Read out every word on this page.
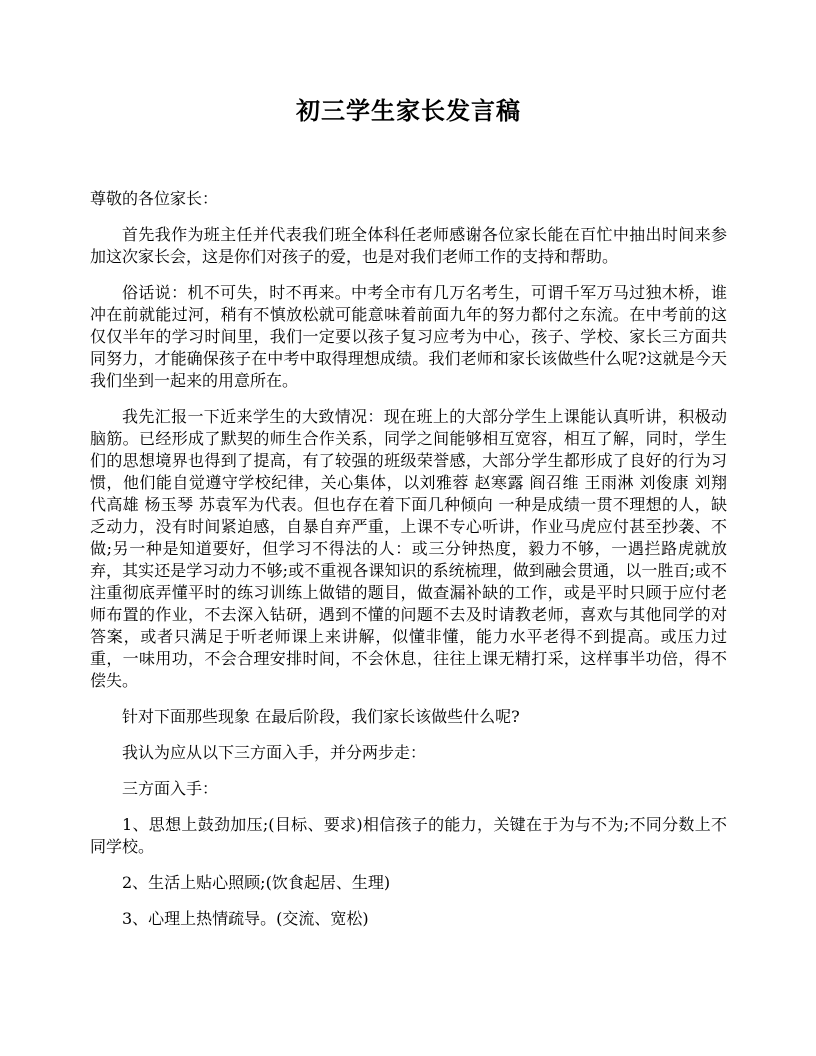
初三学生家长发言稿

尊敬的各位家长：

首先我作为班主任并代表我们班全体科任老师感谢各位家长能在百忙中抽出时间来参加这次家长会，这是你们对孩子的爱，也是对我们老师工作的支持和帮助。

俗话说：机不可失，时不再来。中考全市有几万名考生，可谓千军万马过独木桥，谁冲在前就能过河，稍有不慎放松就可能意味着前面九年的努力都付之东流。在中考前的这仅仅半年的学习时间里，我们一定要以孩子复习应考为中心，孩子、学校、家长三方面共同努力，才能确保孩子在中考中取得理想成绩。我们老师和家长该做些什么呢?这就是今天我们坐到一起来的用意所在。

我先汇报一下近来学生的大致情况：现在班上的大部分学生上课能认真听讲，积极动脑筋。已经形成了默契的师生合作关系，同学之间能够相互宽容，相互了解，同时，学生们的思想境界也得到了提高，有了较强的班级荣誉感，大部分学生都形成了良好的行为习惯，他们能自觉遵守学校纪律，关心集体，以刘雅蓉 赵寒露 阎召维 王雨淋 刘俊康 刘翔 代高雄 杨玉琴 苏袁军为代表。但也存在着下面几种倾向 一种是成绩一贯不理想的人，缺乏动力，没有时间紧迫感，自暴自弃严重，上课不专心听讲，作业马虎应付甚至抄袭、不做;另一种是知道要好，但学习不得法的人：或三分钟热度，毅力不够，一遇拦路虎就放弃，其实还是学习动力不够;或不重视各课知识的系统梳理，做到融会贯通，以一胜百;或不注重彻底弄懂平时的练习训练上做错的题目，做查漏补缺的工作，或是平时只顾于应付老师布置的作业，不去深入钻研，遇到不懂的问题不去及时请教老师，喜欢与其他同学的对答案，或者只满足于听老师课上来讲解，似懂非懂，能力水平老得不到提高。或压力过重，一味用功，不会合理安排时间，不会休息，往往上课无精打采，这样事半功倍，得不偿失。

针对下面那些现象 在最后阶段，我们家长该做些什么呢?

我认为应从以下三方面入手，并分两步走：

三方面入手：

1、思想上鼓劲加压;(目标、要求)相信孩子的能力，关键在于为与不为;不同分数上不同学校。

2、生活上贴心照顾;(饮食起居、生理)

3、心理上热情疏导。(交流、宽松)
